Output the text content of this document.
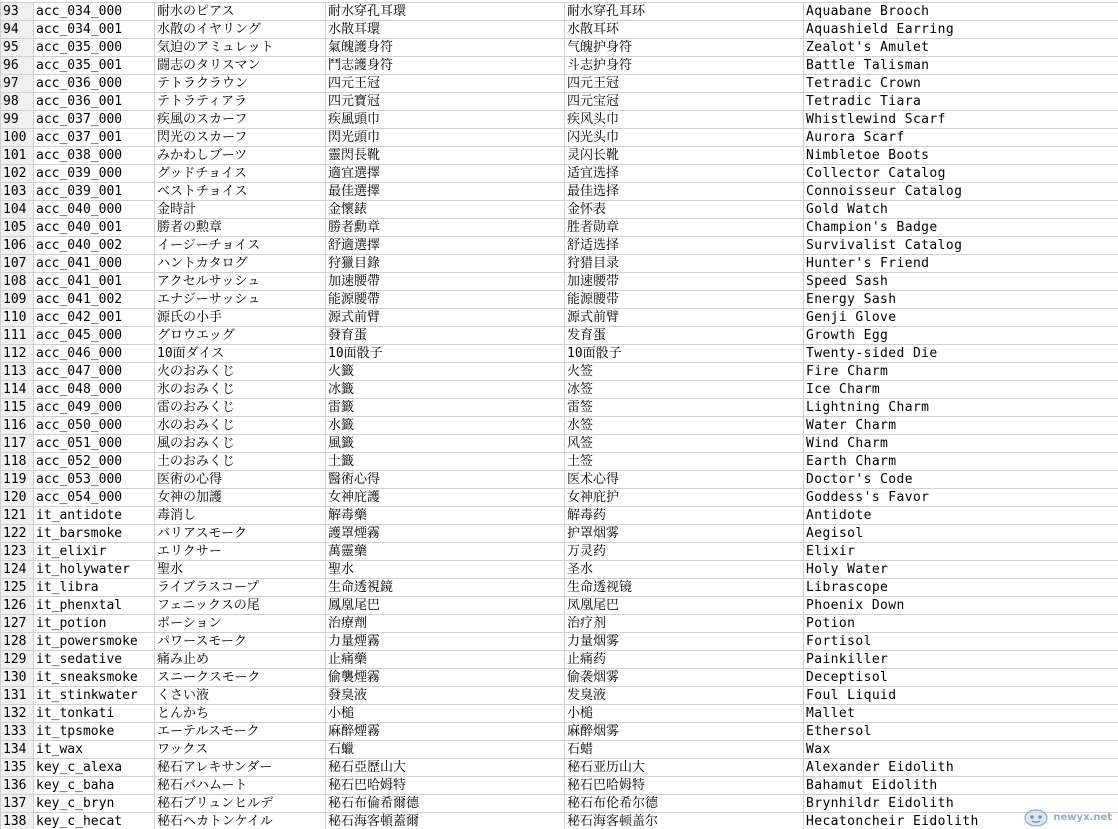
93	acc_034_000	耐水のピアス	耐水穿孔耳環	耐水穿孔耳环	Aquabane Brooch
94	acc_034_001	水散のイヤリング	水散耳環	水散耳环	Aquashield Earring
95	acc_035_000	気迫のアミュレット	氣魄護身符	气魄护身符	Zealot's Amulet
96	acc_035_001	闘志のタリスマン	鬥志護身符	斗志护身符	Battle Talisman
97	acc_036_000	テトラクラウン	四元王冠	四元王冠	Tetradic Crown
98	acc_036_001	テトラティアラ	四元寶冠	四元宝冠	Tetradic Tiara
99	acc_037_000	疾風のスカーフ	疾風頭巾	疾风头巾	Whistlewind Scarf
100	acc_037_001	閃光のスカーフ	閃光頭巾	闪光头巾	Aurora Scarf
101	acc_038_000	みかわしブーツ	靈閃長靴	灵闪长靴	Nimbletoe Boots
102	acc_039_000	グッドチョイス	適宜選擇	适宜选择	Collector Catalog
103	acc_039_001	ベストチョイス	最佳選擇	最佳选择	Connoisseur Catalog
104	acc_040_000	金時計	金懷錶	金怀表	Gold Watch
105	acc_040_001	勝者の勲章	勝者勳章	胜者勋章	Champion's Badge
106	acc_040_002	イージーチョイス	舒適選擇	舒适选择	Survivalist Catalog
107	acc_041_000	ハントカタログ	狩獵目錄	狩猎目录	Hunter's Friend
108	acc_041_001	アクセルサッシュ	加速腰帶	加速腰带	Speed Sash
109	acc_041_002	エナジーサッシュ	能源腰帶	能源腰带	Energy Sash
110	acc_042_001	源氏の小手	源式前臂	源式前臂	Genji Glove
111	acc_045_000	グロウエッグ	發育蛋	发育蛋	Growth Egg
112	acc_046_000	10面ダイス	10面骰子	10面骰子	Twenty-sided Die
113	acc_047_000	火のおみくじ	火籤	火签	Fire Charm
114	acc_048_000	氷のおみくじ	冰籤	冰签	Ice Charm
115	acc_049_000	雷のおみくじ	雷籤	雷签	Lightning Charm
116	acc_050_000	水のおみくじ	水籤	水签	Water Charm
117	acc_051_000	風のおみくじ	風籤	风签	Wind Charm
118	acc_052_000	土のおみくじ	土籤	土签	Earth Charm
119	acc_053_000	医術の心得	醫術心得	医术心得	Doctor's Code
120	acc_054_000	女神の加護	女神庇護	女神庇护	Goddess's Favor
121	it_antidote	毒消し	解毒藥	解毒药	Antidote
122	it_barsmoke	バリアスモーク	護罩煙霧	护罩烟雾	Aegisol
123	it_elixir	エリクサー	萬靈藥	万灵药	Elixir
124	it_holywater	聖水	聖水	圣水	Holy Water
125	it_libra	ライブラスコープ	生命透視鏡	生命透视镜	Librascope
126	it_phenxtal	フェニックスの尾	鳳凰尾巴	凤凰尾巴	Phoenix Down
127	it_potion	ポーション	治療劑	治疗剂	Potion
128	it_powersmoke	パワースモーク	力量煙霧	力量烟雾	Fortisol
129	it_sedative	痛み止め	止痛藥	止痛药	Painkiller
130	it_sneaksmoke	スニークスモーク	偷襲煙霧	偷袭烟雾	Deceptisol
131	it_stinkwater	くさい液	發臭液	发臭液	Foul Liquid
132	it_tonkati	とんかち	小槌	小槌	Mallet
133	it_tpsmoke	エーテルスモーク	麻醉煙霧	麻醉烟雾	Ethersol
134	it_wax	ワックス	石蠟	石蜡	Wax
135	key_c_alexa	秘石アレキサンダー	秘石亞歷山大	秘石亚历山大	Alexander Eidolith
136	key_c_baha	秘石バハムート	秘石巴哈姆特	秘石巴哈姆特	Bahamut Eidolith
137	key_c_bryn	秘石ブリュンヒルデ	秘石布倫希爾德	秘石布伦希尔德	Brynhildr Eidolith
138	key_c_hecat	秘石ヘカトンケイル	秘石海客頓蓋爾	秘石海客顿盖尔	Hecatoncheir Eidolith	newyx.net
